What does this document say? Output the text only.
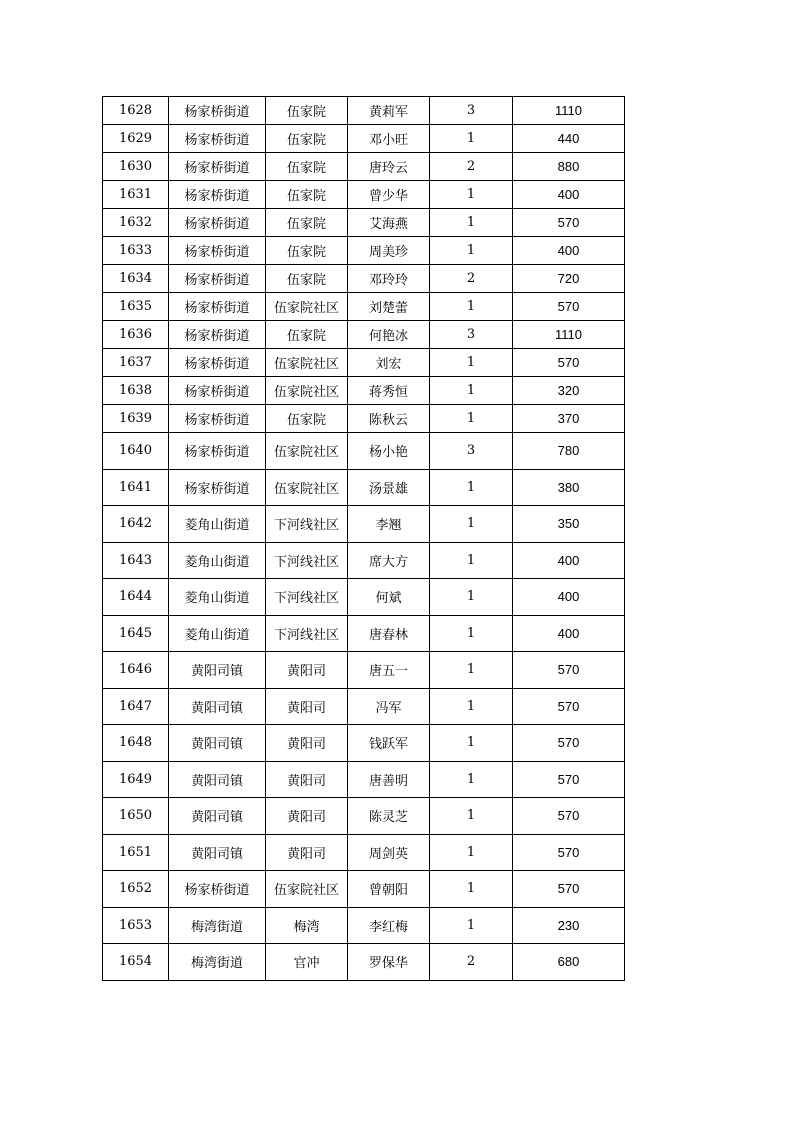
1628	杨家桥街道	伍家院	黄莉军	3	1110
1629	杨家桥街道	伍家院	邓小旺	1	440
1630	杨家桥街道	伍家院	唐玲云	2	880
1631	杨家桥街道	伍家院	曾少华	1	400
1632	杨家桥街道	伍家院	艾海燕	1	570
1633	杨家桥街道	伍家院	周美珍	1	400
1634	杨家桥街道	伍家院	邓玲玲	2	720
1635	杨家桥街道	伍家院社区	刘楚蕾	1	570
1636	杨家桥街道	伍家院	何艳冰	3	1110
1637	杨家桥街道	伍家院社区	刘宏	1	570
1638	杨家桥街道	伍家院社区	蒋秀恒	1	320
1639	杨家桥街道	伍家院	陈秋云	1	370
1640	杨家桥街道	伍家院社区	杨小艳	3	780
1641	杨家桥街道	伍家院社区	汤景雄	1	380
1642	菱角山街道	下河线社区	李翘	1	350
1643	菱角山街道	下河线社区	席大方	1	400
1644	菱角山街道	下河线社区	何斌	1	400
1645	菱角山街道	下河线社区	唐春林	1	400
1646	黄阳司镇	黄阳司	唐五一	1	570
1647	黄阳司镇	黄阳司	冯军	1	570
1648	黄阳司镇	黄阳司	钱跃军	1	570
1649	黄阳司镇	黄阳司	唐善明	1	570
1650	黄阳司镇	黄阳司	陈灵芝	1	570
1651	黄阳司镇	黄阳司	周剑英	1	570
1652	杨家桥街道	伍家院社区	曾朝阳	1	570
1653	梅湾街道	梅湾	李红梅	1	230
1654	梅湾街道	官冲	罗保华	2	680
